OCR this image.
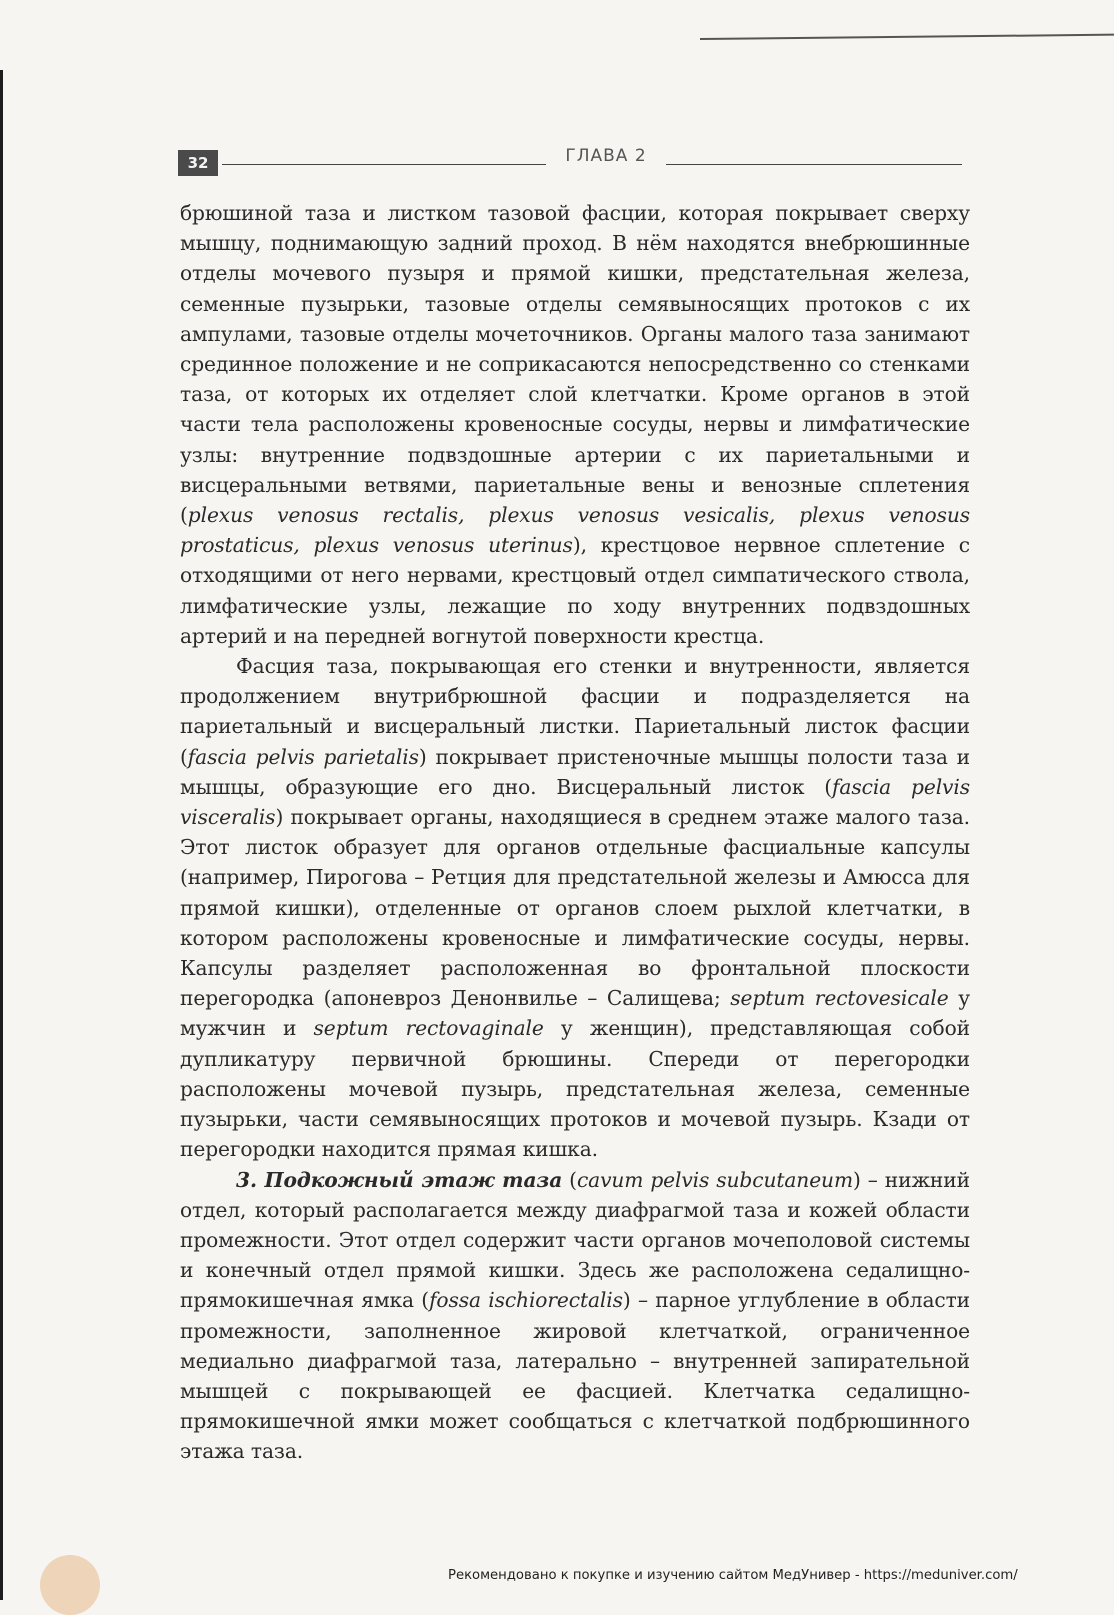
32	ГЛАВА 2

брюшиной таза и листком тазовой фасции, которая покрывает сверху мышцу, поднимающую задний проход. В нём находятся внебрюшинные отделы мочевого пузыря и прямой кишки, предстательная железа, семенные пузырьки, тазовые отделы семявыносящих протоков с их ампулами, тазовые отделы мочеточников. Органы малого таза занимают срединное положение и не соприкасаются непосредственно со стенками таза, от которых их отделяет слой клетчатки. Кроме органов в этой части тела расположены кровеносные сосуды, нервы и лимфатические узлы: внутренние подвздошные артерии с их париетальными и висцеральными ветвями, париетальные вены и венозные сплетения (plexus venosus rectalis, plexus venosus vesicalis, plexus venosus prostaticus, plexus venosus uterinus), крестцовое нервное сплетение с отходящими от него нервами, крестцовый отдел симпатического ствола, лимфатические узлы, лежащие по ходу внутренних подвздошных артерий и на передней вогнутой поверхности крестца.

Фасция таза, покрывающая его стенки и внутренности, является продолжением внутрибрюшной фасции и подразделяется на париетальный и висцеральный листки. Париетальный листок фасции (fascia pelvis parietalis) покрывает пристеночные мышцы полости таза и мышцы, образующие его дно. Висцеральный листок (fascia pelvis visceralis) покрывает органы, находящиеся в среднем этаже малого таза. Этот листок образует для органов отдельные фасциальные капсулы (например, Пирогова – Ретция для предстательной железы и Амюсса для прямой кишки), отделенные от органов слоем рыхлой клетчатки, в котором расположены кровеносные и лимфатические сосуды, нервы. Капсулы разделяет расположенная во фронтальной плоскости перегородка (апоневроз Денонвилье – Салищева; septum rectovesicale у мужчин и septum rectovaginale у женщин), представляющая собой дупликатуру первичной брюшины. Спереди от перегородки расположены мочевой пузырь, предстательная железа, семенные пузырьки, части семявыносящих протоков и мочевой пузырь. Кзади от перегородки находится прямая кишка.

3. Подкожный этаж таза (cavum pelvis subcutaneum) – нижний отдел, который располагается между диафрагмой таза и кожей области промежности. Этот отдел содержит части органов мочеполовой системы и конечный отдел прямой кишки. Здесь же расположена седалищно-прямокишечная ямка (fossa ischiorectalis) – парное углубление в области промежности, заполненное жировой клетчаткой, ограниченное медиально диафрагмой таза, латерально – внутренней запирательной мышцей с покрывающей ее фасцией. Клетчатка седалищно-прямокишечной ямки может сообщаться с клетчаткой подбрюшинного этажа таза.

Рекомендовано к покупке и изучению сайтом МедУнивер - https://meduniver.com/
